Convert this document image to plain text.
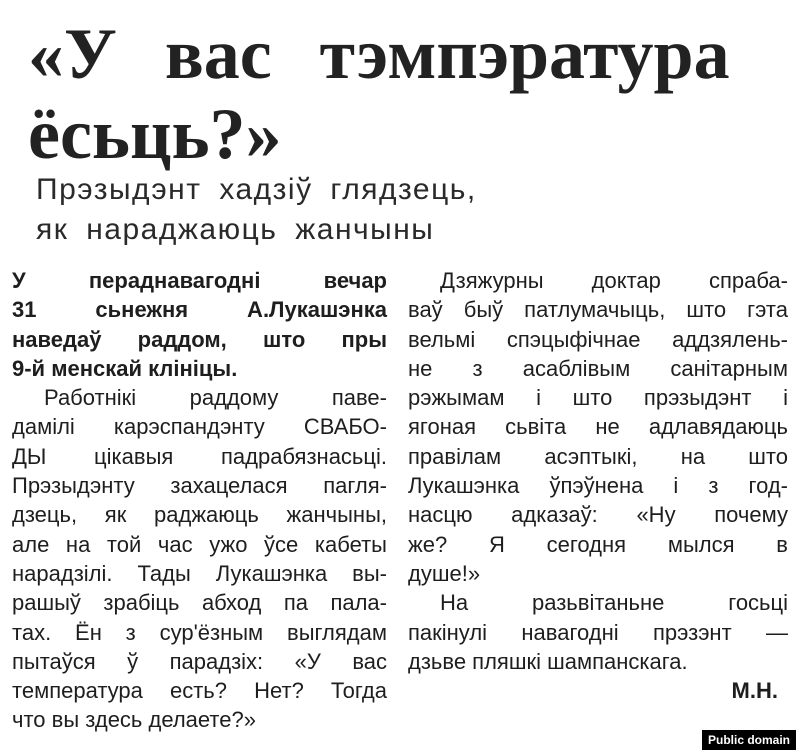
«У вас тэмпэратура
ёсьць?»
Прэзыдэнт хадзіў глядзець,
як нараджаюць жанчыны
У пераднавагодні вечар
31 сьнежня А.Лукашэнка
наведаў раддом, што пры
9-й менскай клініцы.
Работнікі раддому паве-
дамілі карэспандэнту СВАБО-
ДЫ цікавыя падрабязнасьці.
Прэзыдэнту захацелася пагля-
дзець, як раджаюць жанчыны,
але на той час ужо ўсе кабеты
нарадзілі. Тады Лукашэнка вы-
рашыў зрабіць абход па пала-
тах. Ён з сур'ёзным выглядам
пытаўся ў парадзіх: «У вас
температура есть? Нет? Тогда
что вы здесь делаете?»
Дзяжурны доктар спраба-
ваў быў патлумачыць, што гэта
вельмі спэцыфічнае аддзялень-
не з асаблівым санітарным
рэжымам і што прэзыдэнт і
ягоная сьвіта не адлавядаюць
правілам асэптыкі, на што
Лукашэнка ўпэўнена і з год-
насцю адказаў: «Ну почему
же? Я сегодня мылся в
душе!»
На разьвітаньне госьці
пакінулі навагодні прэзэнт —
дзьве пляшкі шампанскага.
М.Н.
Public domain
